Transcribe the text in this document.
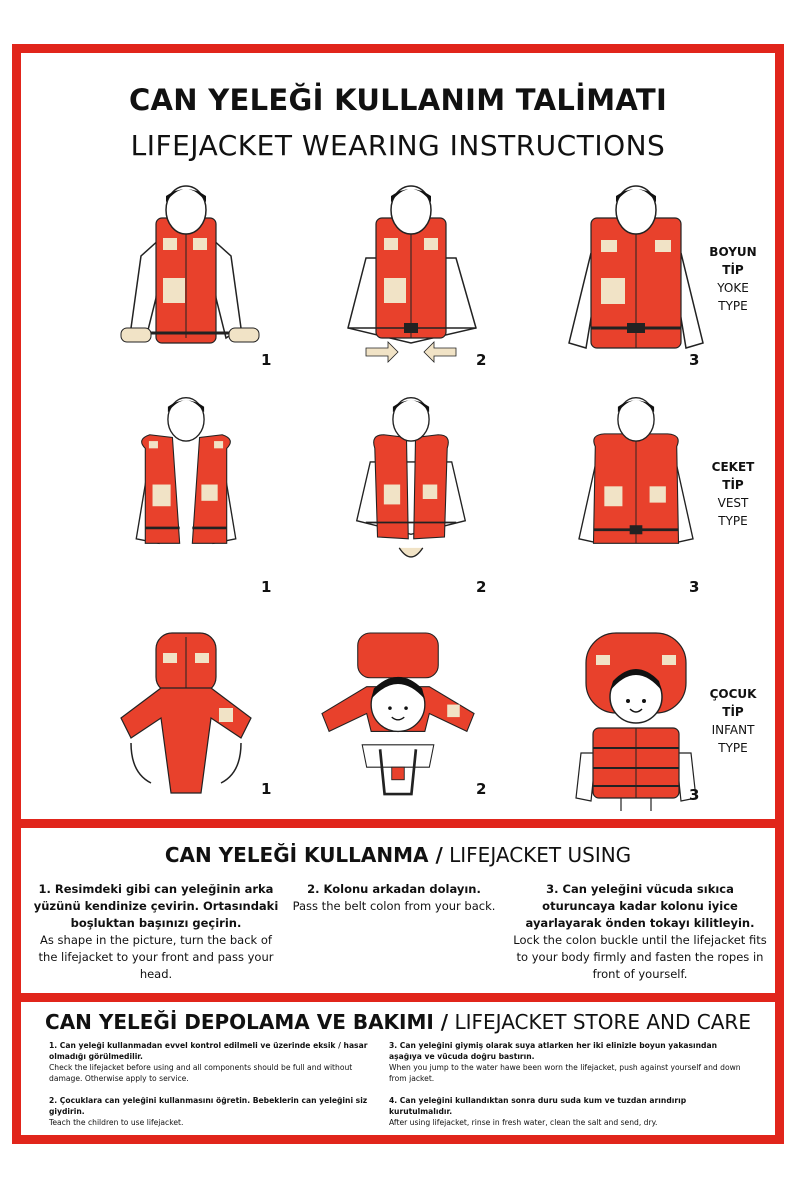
CAN YELEĞİ KULLANIM TALİMATI
LIFEJACKET WEARING INSTRUCTIONS
1	2	3
BOYUN
TİP
YOKE
TYPE
1	2	3
CEKET
TİP
VEST
TYPE
1	2	3
ÇOCUK
TİP
INFANT
TYPE
CAN YELEĞİ KULLANMA / LIFEJACKET USING
1. Resimdeki gibi can yeleğinin arka yüzünü kendinize çevirin. Ortasındaki boşluktan başınızı geçirin.
As shape in the picture, turn the back of the lifejacket to your front and pass your head.
2. Kolonu arkadan dolayın.
Pass the belt colon from your back.
3. Can yeleğini vücuda sıkıca oturuncaya kadar kolonu iyice ayarlayarak önden tokayı kilitleyin.
Lock the colon buckle until the lifejacket fits to your body firmly and fasten the ropes in front of yourself.
CAN YELEĞİ DEPOLAMA VE BAKIMI / LIFEJACKET STORE AND CARE
1. Can yeleği kullanmadan evvel kontrol edilmeli ve üzerinde eksik / hasar olmadığı görülmedilir.
Check the lifejacket before using and all components should be full and without damage. Otherwise apply to service.
2. Çocuklara can yeleğini kullanmasını öğretin. Bebeklerin can yeleğini siz giydirin.
Teach the children to use lifejacket.
3. Can yeleğini giymiş olarak suya atlarken her iki elinizle boyun yakasından aşağıya ve vücuda doğru bastırın.
When you jump to the water hawe been worn the lifejacket, push against yourself and down from jacket.
4. Can yeleğini kullandıktan sonra duru suda kum ve tuzdan arındırıp kurutulmalıdır.
After using lifejacket, rinse in fresh water, clean the salt and send, dry.
